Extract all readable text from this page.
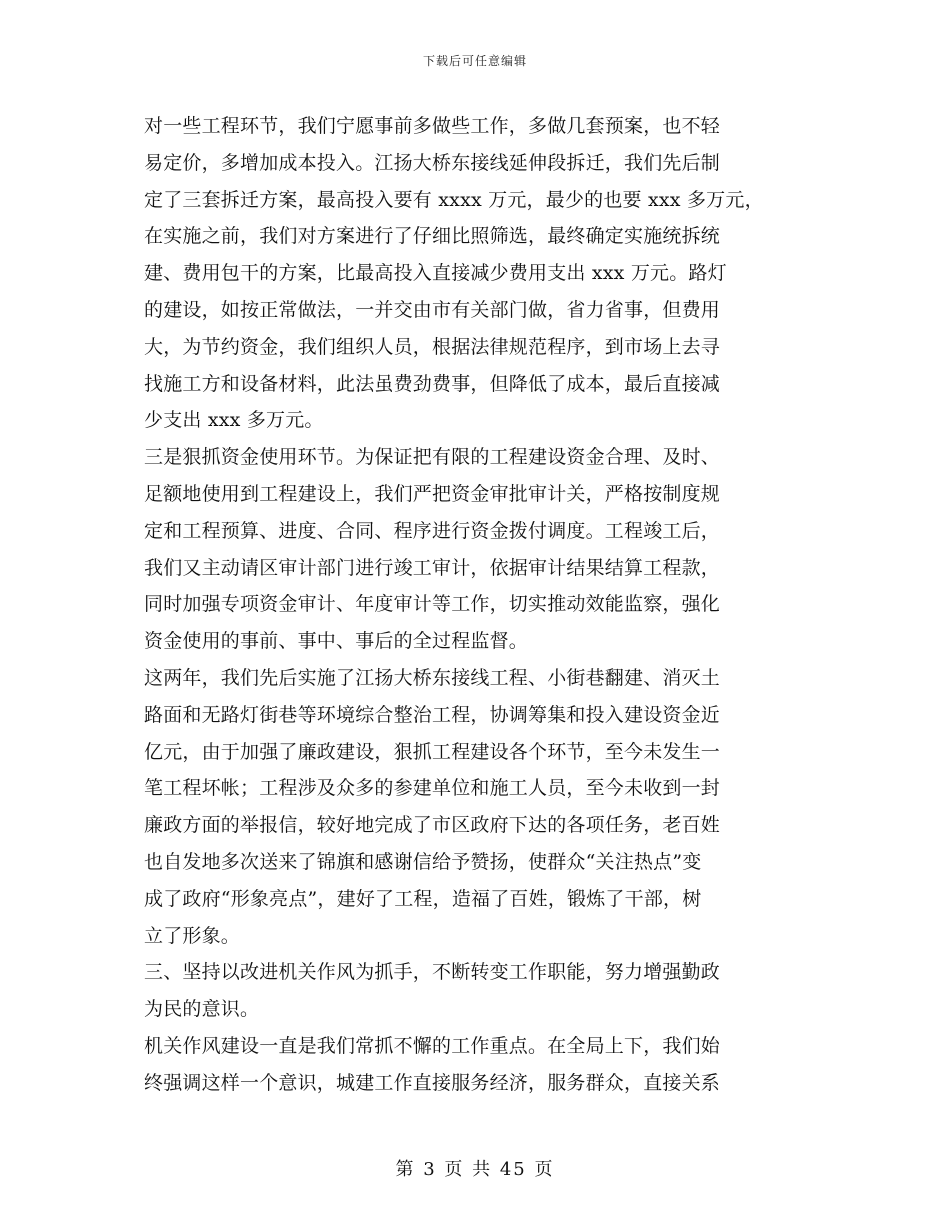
下载后可任意编辑
对一些工程环节，我们宁愿事前多做些工作，多做几套预案，也不轻
易定价，多增加成本投入。江扬大桥东接线延伸段拆迁，我们先后制
定了三套拆迁方案，最高投入要有 xxxx 万元，最少的也要 xxx 多万元，
在实施之前，我们对方案进行了仔细比照筛选，最终确定实施统拆统
建、费用包干的方案，比最高投入直接减少费用支出 xxx 万元。路灯
的建设，如按正常做法，一并交由市有关部门做，省力省事，但费用
大，为节约资金，我们组织人员，根据法律规范程序，到市场上去寻
找施工方和设备材料，此法虽费劲费事，但降低了成本，最后直接减
少支出 xxx 多万元。
三是狠抓资金使用环节。为保证把有限的工程建设资金合理、及时、
足额地使用到工程建设上，我们严把资金审批审计关，严格按制度规
定和工程预算、进度、合同、程序进行资金拨付调度。工程竣工后，
我们又主动请区审计部门进行竣工审计，依据审计结果结算工程款，
同时加强专项资金审计、年度审计等工作，切实推动效能监察，强化
资金使用的事前、事中、事后的全过程监督。
这两年，我们先后实施了江扬大桥东接线工程、小街巷翻建、消灭土
路面和无路灯街巷等环境综合整治工程，协调筹集和投入建设资金近
亿元，由于加强了廉政建设，狠抓工程建设各个环节，至今未发生一
笔工程坏帐；工程涉及众多的参建单位和施工人员，至今未收到一封
廉政方面的举报信，较好地完成了市区政府下达的各项任务，老百姓
也自发地多次送来了锦旗和感谢信给予赞扬，使群众“关注热点”变
成了政府“形象亮点”，建好了工程，造福了百姓，锻炼了干部，树
立了形象。
三、坚持以改进机关作风为抓手，不断转变工作职能，努力增强勤政
为民的意识。
机关作风建设一直是我们常抓不懈的工作重点。在全局上下，我们始
终强调这样一个意识，城建工作直接服务经济，服务群众，直接关系
第 3 页 共 45 页
